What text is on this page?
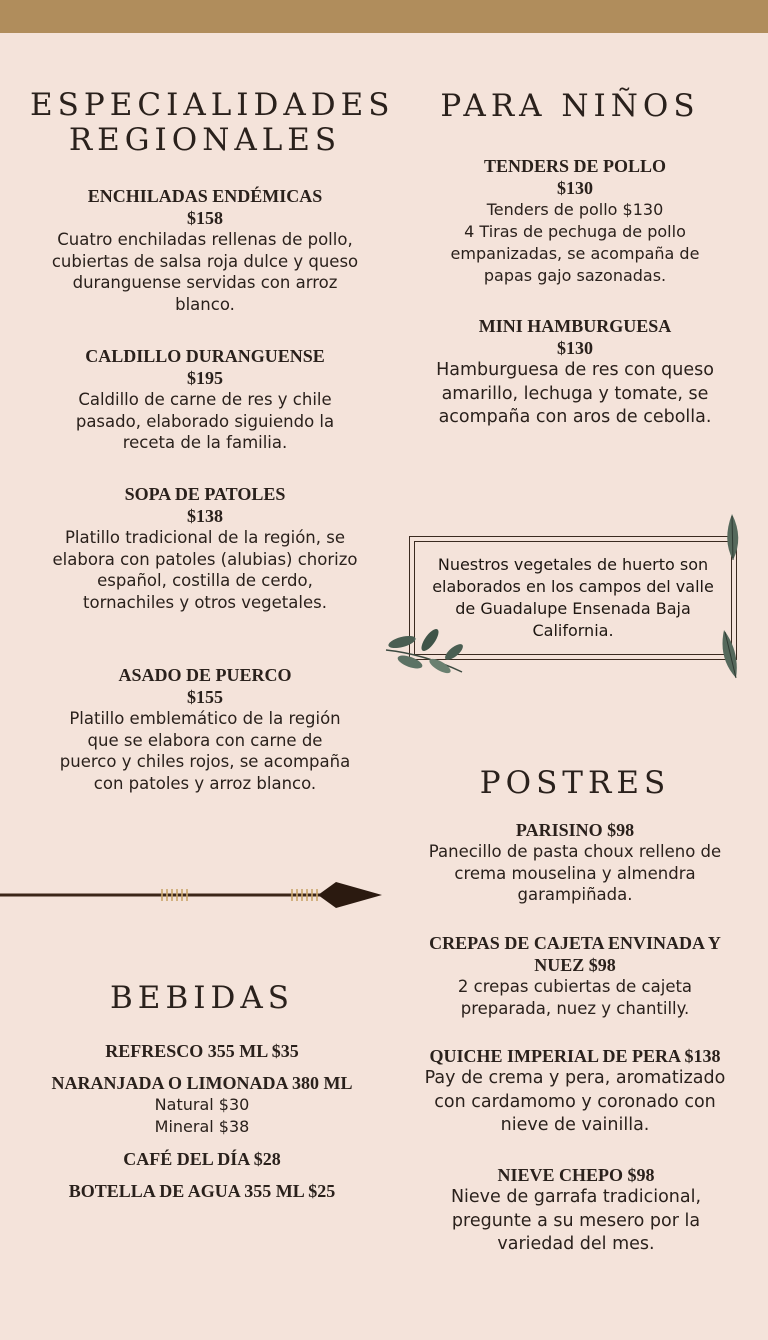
ESPECIALIDADES
REGIONALES
ENCHILADAS ENDÉMICAS
$158
Cuatro enchiladas rellenas de pollo, cubiertas de salsa roja dulce y queso duranguense servidas con arroz blanco.
CALDILLO DURANGUENSE
$195
Caldillo de carne de res y chile pasado, elaborado siguiendo la receta de la familia.
SOPA DE PATOLES
$138
Platillo tradicional de la región, se elabora con patoles (alubias) chorizo español, costilla de cerdo, tornachiles y otros vegetales.
ASADO DE PUERCO
$155
Platillo emblemático de la región que se elabora con carne de puerco y chiles rojos, se acompaña con patoles y arroz blanco.
BEBIDAS
REFRESCO 355 ML $35
NARANJADA O LIMONADA 380 ML
Natural $30
Mineral $38
CAFÉ DEL DÍA $28
BOTELLA DE AGUA 355 ML $25
PARA NIÑOS
TENDERS DE POLLO
$130
Tenders de pollo $130
4 Tiras de pechuga de pollo empanizadas, se acompaña de papas gajo sazonadas.
MINI HAMBURGUESA
$130
Hamburguesa de res con queso amarillo, lechuga y tomate, se acompaña con aros de cebolla.
Nuestros vegetales de huerto son elaborados en los campos del valle de Guadalupe Ensenada Baja California.
POSTRES
PARISINO $98
Panecillo de pasta choux relleno de crema mouselina y almendra garampiñada.
CREPAS DE CAJETA ENVINADA Y NUEZ $98
2 crepas cubiertas de cajeta preparada, nuez y chantilly.
QUICHE IMPERIAL DE PERA $138
Pay de crema y pera, aromatizado con cardamomo y coronado con nieve de vainilla.
NIEVE CHEPO $98
Nieve de garrafa tradicional, pregunte a su mesero por la variedad del mes.
